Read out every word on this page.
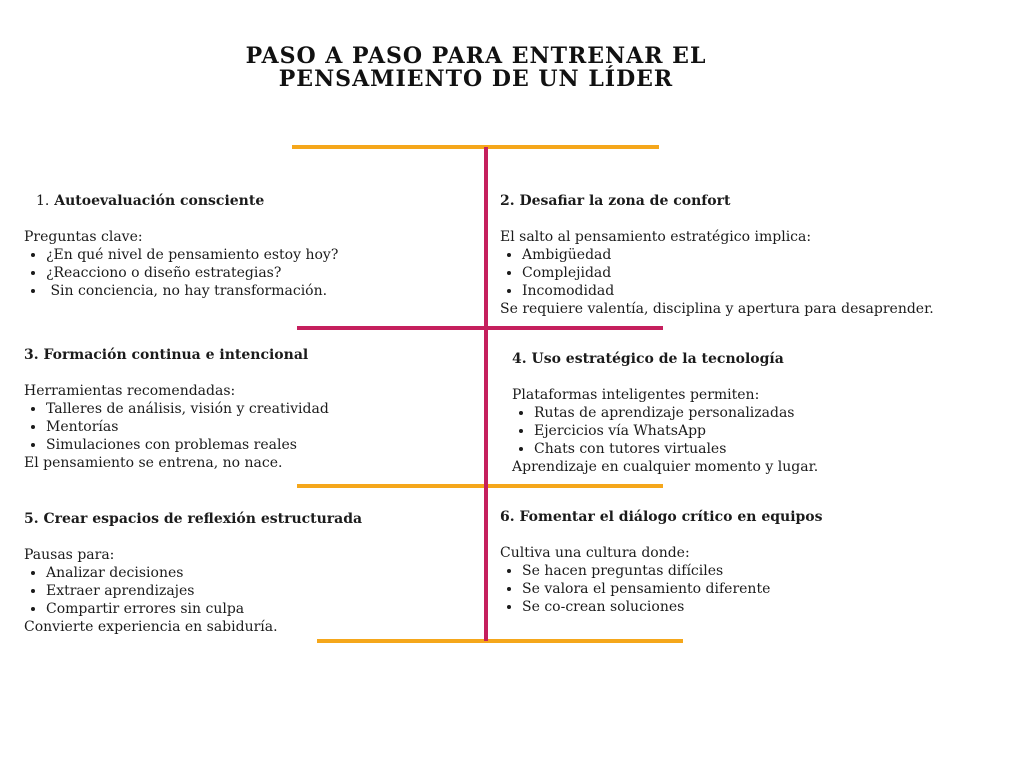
PASO A PASO PARA ENTRENAR EL
PENSAMIENTO DE UN LÍDER
1. Autoevaluación consciente

Preguntas clave:

• ¿En qué nivel de pensamiento estoy hoy?
• ¿Reacciono o diseño estrategias?
•  Sin conciencia, no hay transformación.
2. Desafiar la zona de confort

El salto al pensamiento estratégico implica:

• Ambigüedad
• Complejidad
• Incomodidad

Se requiere valentía, disciplina y apertura para desaprender.

3. Formación continua e intencional

Herramientas recomendadas:

• Talleres de análisis, visión y creatividad
• Mentorías
• Simulaciones con problemas reales

El pensamiento se entrena, no nace.

4. Uso estratégico de la tecnología

Plataformas inteligentes permiten:

• Rutas de aprendizaje personalizadas
• Ejercicios vía WhatsApp
• Chats con tutores virtuales

Aprendizaje en cualquier momento y lugar.

5. Crear espacios de reflexión estructurada

Pausas para:

• Analizar decisiones
• Extraer aprendizajes
• Compartir errores sin culpa

Convierte experiencia en sabiduría.

6. Fomentar el diálogo crítico en equipos

Cultiva una cultura donde:

• Se hacen preguntas difíciles
• Se valora el pensamiento diferente
• Se co-crean soluciones
